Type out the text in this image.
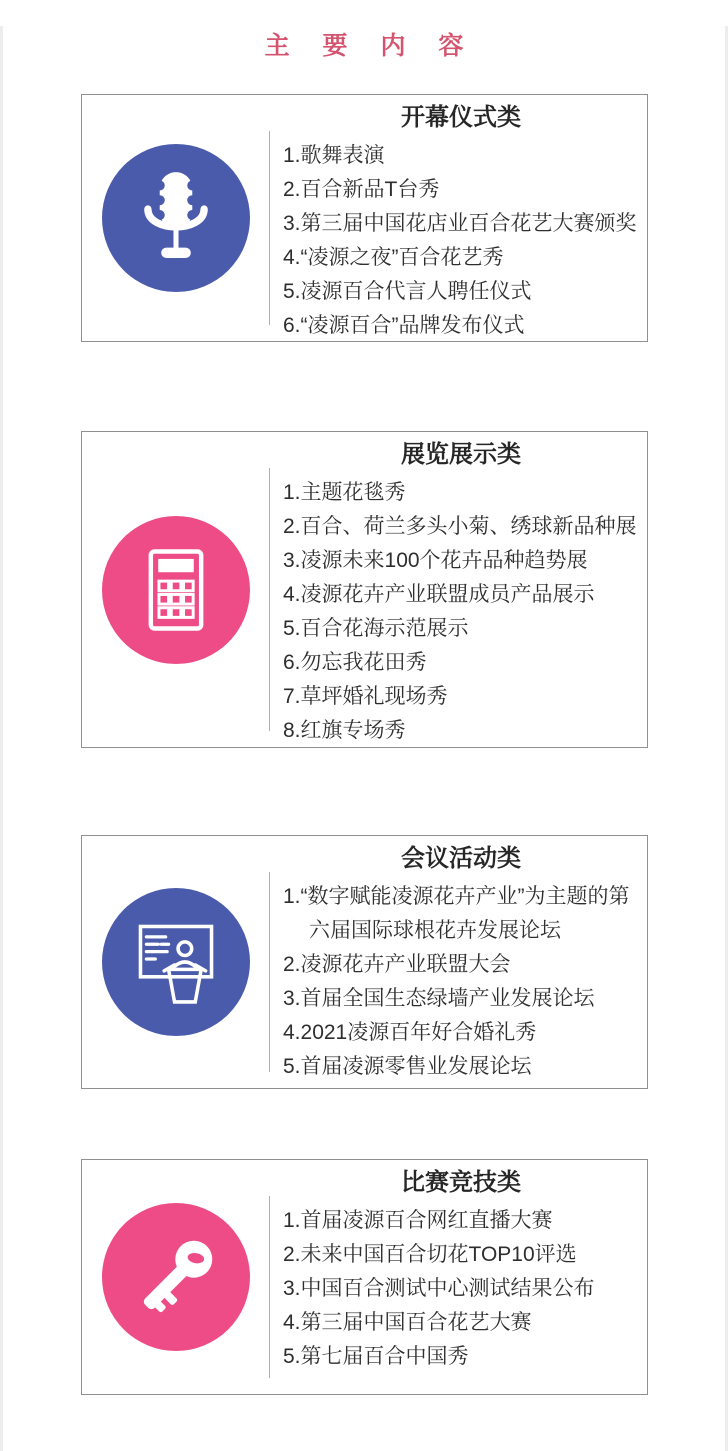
主 要 内 容
开幕仪式类
1.歌舞表演
2.百合新品T台秀
3.第三届中国花店业百合花艺大赛颁奖
4.“凌源之夜”百合花艺秀
5.凌源百合代言人聘任仪式
6.“凌源百合”品牌发布仪式
展览展示类
1.主题花毯秀
2.百合、荷兰多头小菊、绣球新品种展
3.凌源未来100个花卉品种趋势展
4.凌源花卉产业联盟成员产品展示
5.百合花海示范展示
6.勿忘我花田秀
7.草坪婚礼现场秀
8.红旗专场秀
会议活动类
1.“数字赋能凌源花卉产业”为主题的第六届国际球根花卉发展论坛
2.凌源花卉产业联盟大会
3.首届全国生态绿墙产业发展论坛
4.2021凌源百年好合婚礼秀
5.首届凌源零售业发展论坛
比赛竞技类
1.首届凌源百合网红直播大赛
2.未来中国百合切花TOP10评选
3.中国百合测试中心测试结果公布
4.第三届中国百合花艺大赛
5.第七届百合中国秀
